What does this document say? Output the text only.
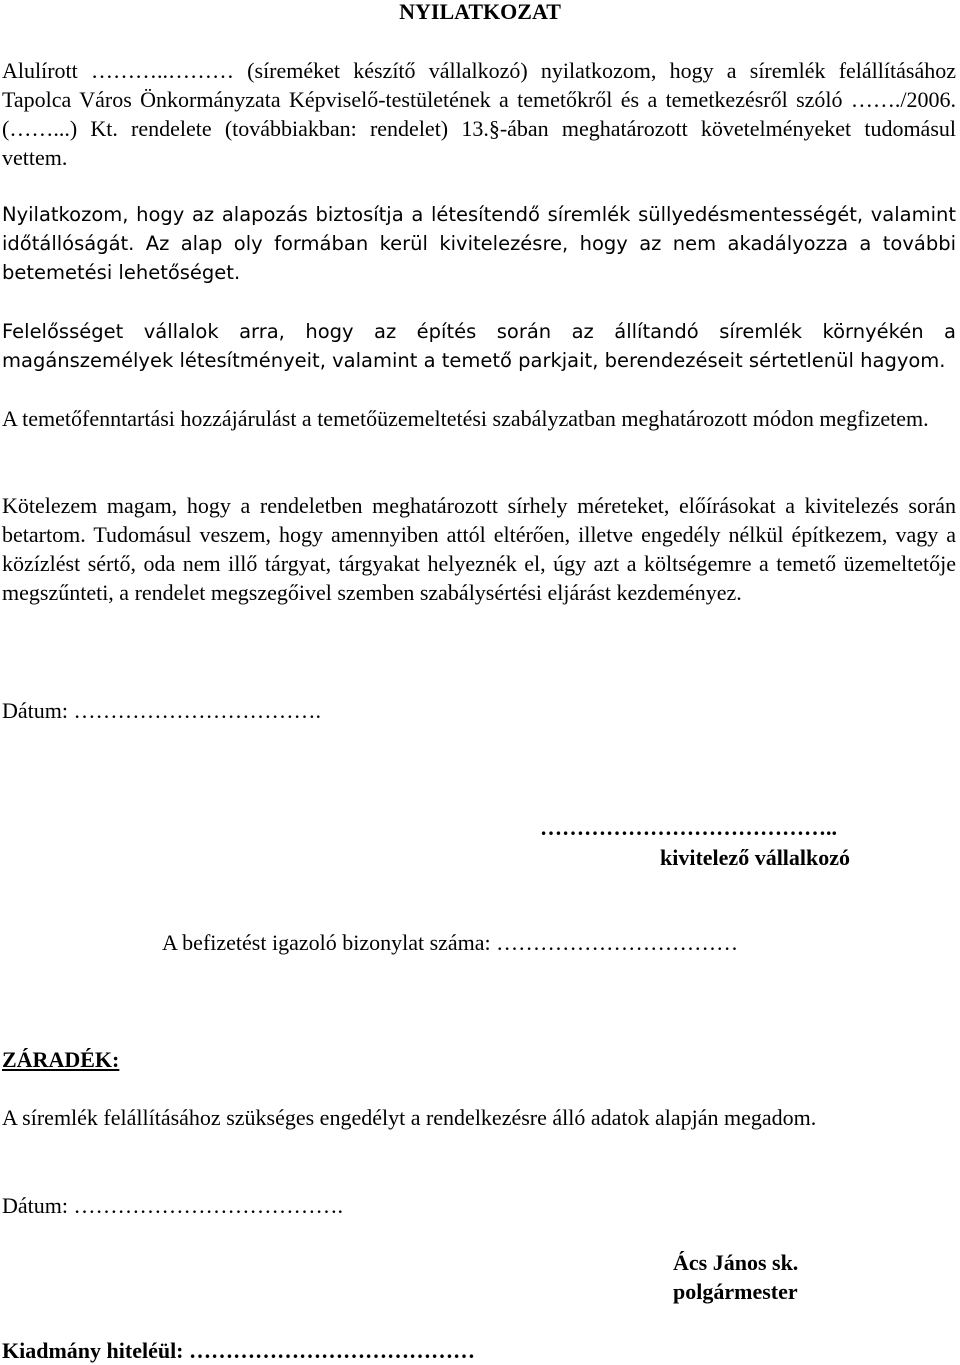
NYILATKOZAT

Alulírott ………..……… (síreméket készítő vállalkozó) nyilatkozom, hogy a síremlék felállításához Tapolca Város Önkormányzata Képviselő-testületének a temetőkről és a temetkezésről szóló ……./2006. (……...) Kt. rendelete (továbbiakban: rendelet) 13.§-ában meghatározott követelményeket tudomásul vettem.

Nyilatkozom, hogy az alapozás biztosítja a létesítendő síremlék süllyedésmentességét, valamint időtállóságát. Az alap oly formában kerül kivitelezésre, hogy az nem akadályozza a további betemetési lehetőséget.

Felelősséget vállalok arra, hogy az építés során az állítandó síremlék környékén a magánszemélyek létesítményeit, valamint a temető parkjait, berendezéseit sértetlenül hagyom.

A temetőfenntartási hozzájárulást a temetőüzemeltetési szabályzatban meghatározott módon megfizetem.

Kötelezem magam, hogy a rendeletben meghatározott sírhely méreteket, előírásokat a kivitelezés során betartom. Tudomásul veszem, hogy amennyiben attól eltérően, illetve engedély nélkül építkezem, vagy a közízlést sértő, oda nem illő tárgyat, tárgyakat helyeznék el, úgy azt a költségemre a temető üzemeltetője megszűnteti, a rendelet megszegőivel szemben szabálysértési eljárást kezdeményez.

Dátum: …………………………….
…………………………………..
kivitelező vállalkozó
A befizetést igazoló bizonylat száma: ……………………………
ZÁRADÉK:
A síremlék felállításához szükséges engedélyt a rendelkezésre álló adatok alapján megadom.
Dátum: ……………………………….
Ács János sk.
polgármester
Kiadmány hiteléül: …………………………………
